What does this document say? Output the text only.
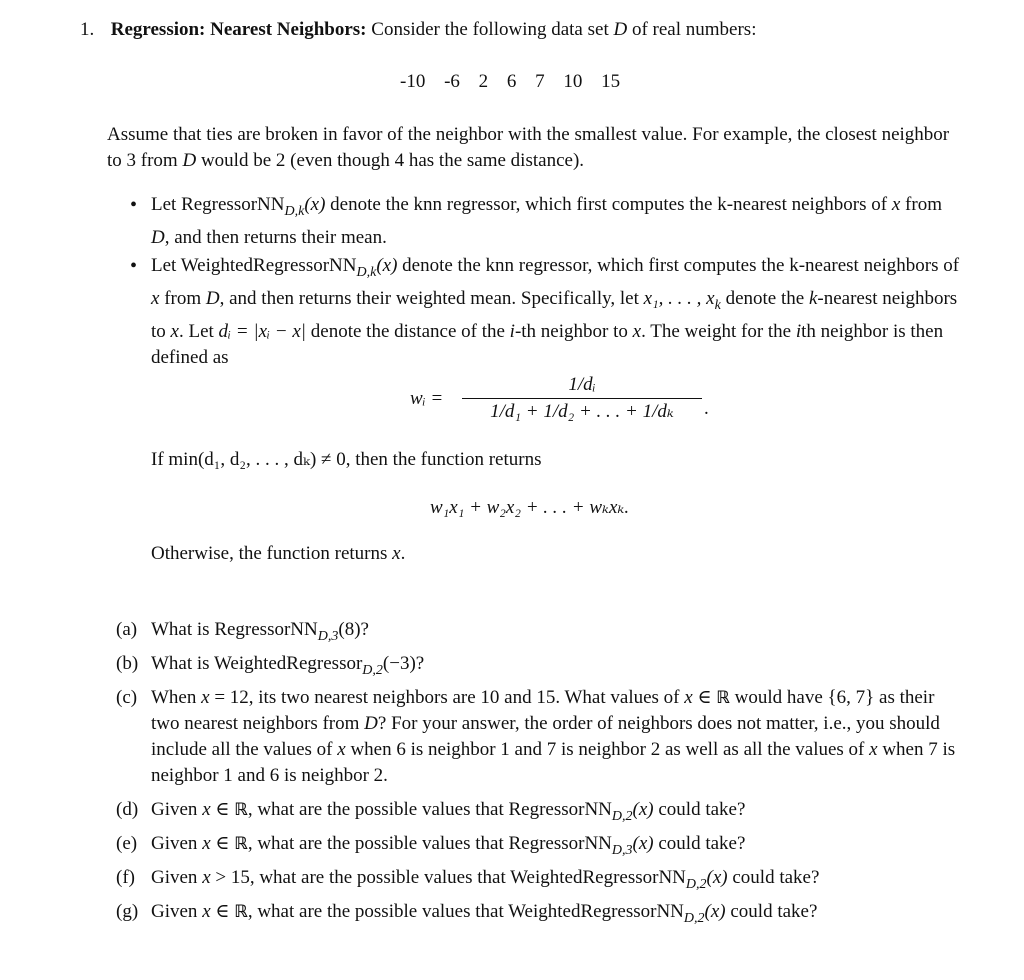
1. Regression: Nearest Neighbors: Consider the following data set D of real numbers:
-10 -6 2 6 7 10 15
Assume that ties are broken in favor of the neighbor with the smallest value. For example, the closest neighbor to 3 from D would be 2 (even though 4 has the same distance).
• Let RegressorNN$_{D,k}$(x) denote the knn regressor, which first computes the k-nearest neighbors of x from D, and then returns their mean.
• Let WeightedRegressorNN$_{D,k}$(x) denote the knn regressor, which first computes the k-nearest neighbors of x from D, and then returns their weighted mean. Specifically, let x₁, . . . , $x_k$ denote the k-nearest neighbors to x. Let dᵢ = |xᵢ − x| denote the distance of the i-th neighbor to x. The weight for the ith neighbor is then defined as
wᵢ =
1/dᵢ
1/d₁ + 1/d₂ + . . . + 1/dₖ	.
If min(d₁, d₂, . . . , dₖ) ≠ 0, then the function returns
w₁x₁ + w₂x₂ + . . . + wₖxₖ.
Otherwise, the function returns x.
(a) What is RegressorNN$_{D,3}$(8)?
(b) What is WeightedRegressor$_{D,2}$(−3)?
(c) When x = 12, its two nearest neighbors are 10 and 15. What values of x ∈ ℝ would have {6, 7} as their two nearest neighbors from D? For your answer, the order of neighbors does not matter, i.e., you should include all the values of x when 6 is neighbor 1 and 7 is neighbor 2 as well as all the values of x when 7 is neighbor 1 and 6 is neighbor 2.
(d) Given x ∈ ℝ, what are the possible values that RegressorNN$_{D,2}$(x) could take?
(e) Given x ∈ ℝ, what are the possible values that RegressorNN$_{D,3}$(x) could take?
(f) Given x > 15, what are the possible values that WeightedRegressorNN$_{D,2}$(x) could take?
(g) Given x ∈ ℝ, what are the possible values that WeightedRegressorNN$_{D,2}$(x) could take?
